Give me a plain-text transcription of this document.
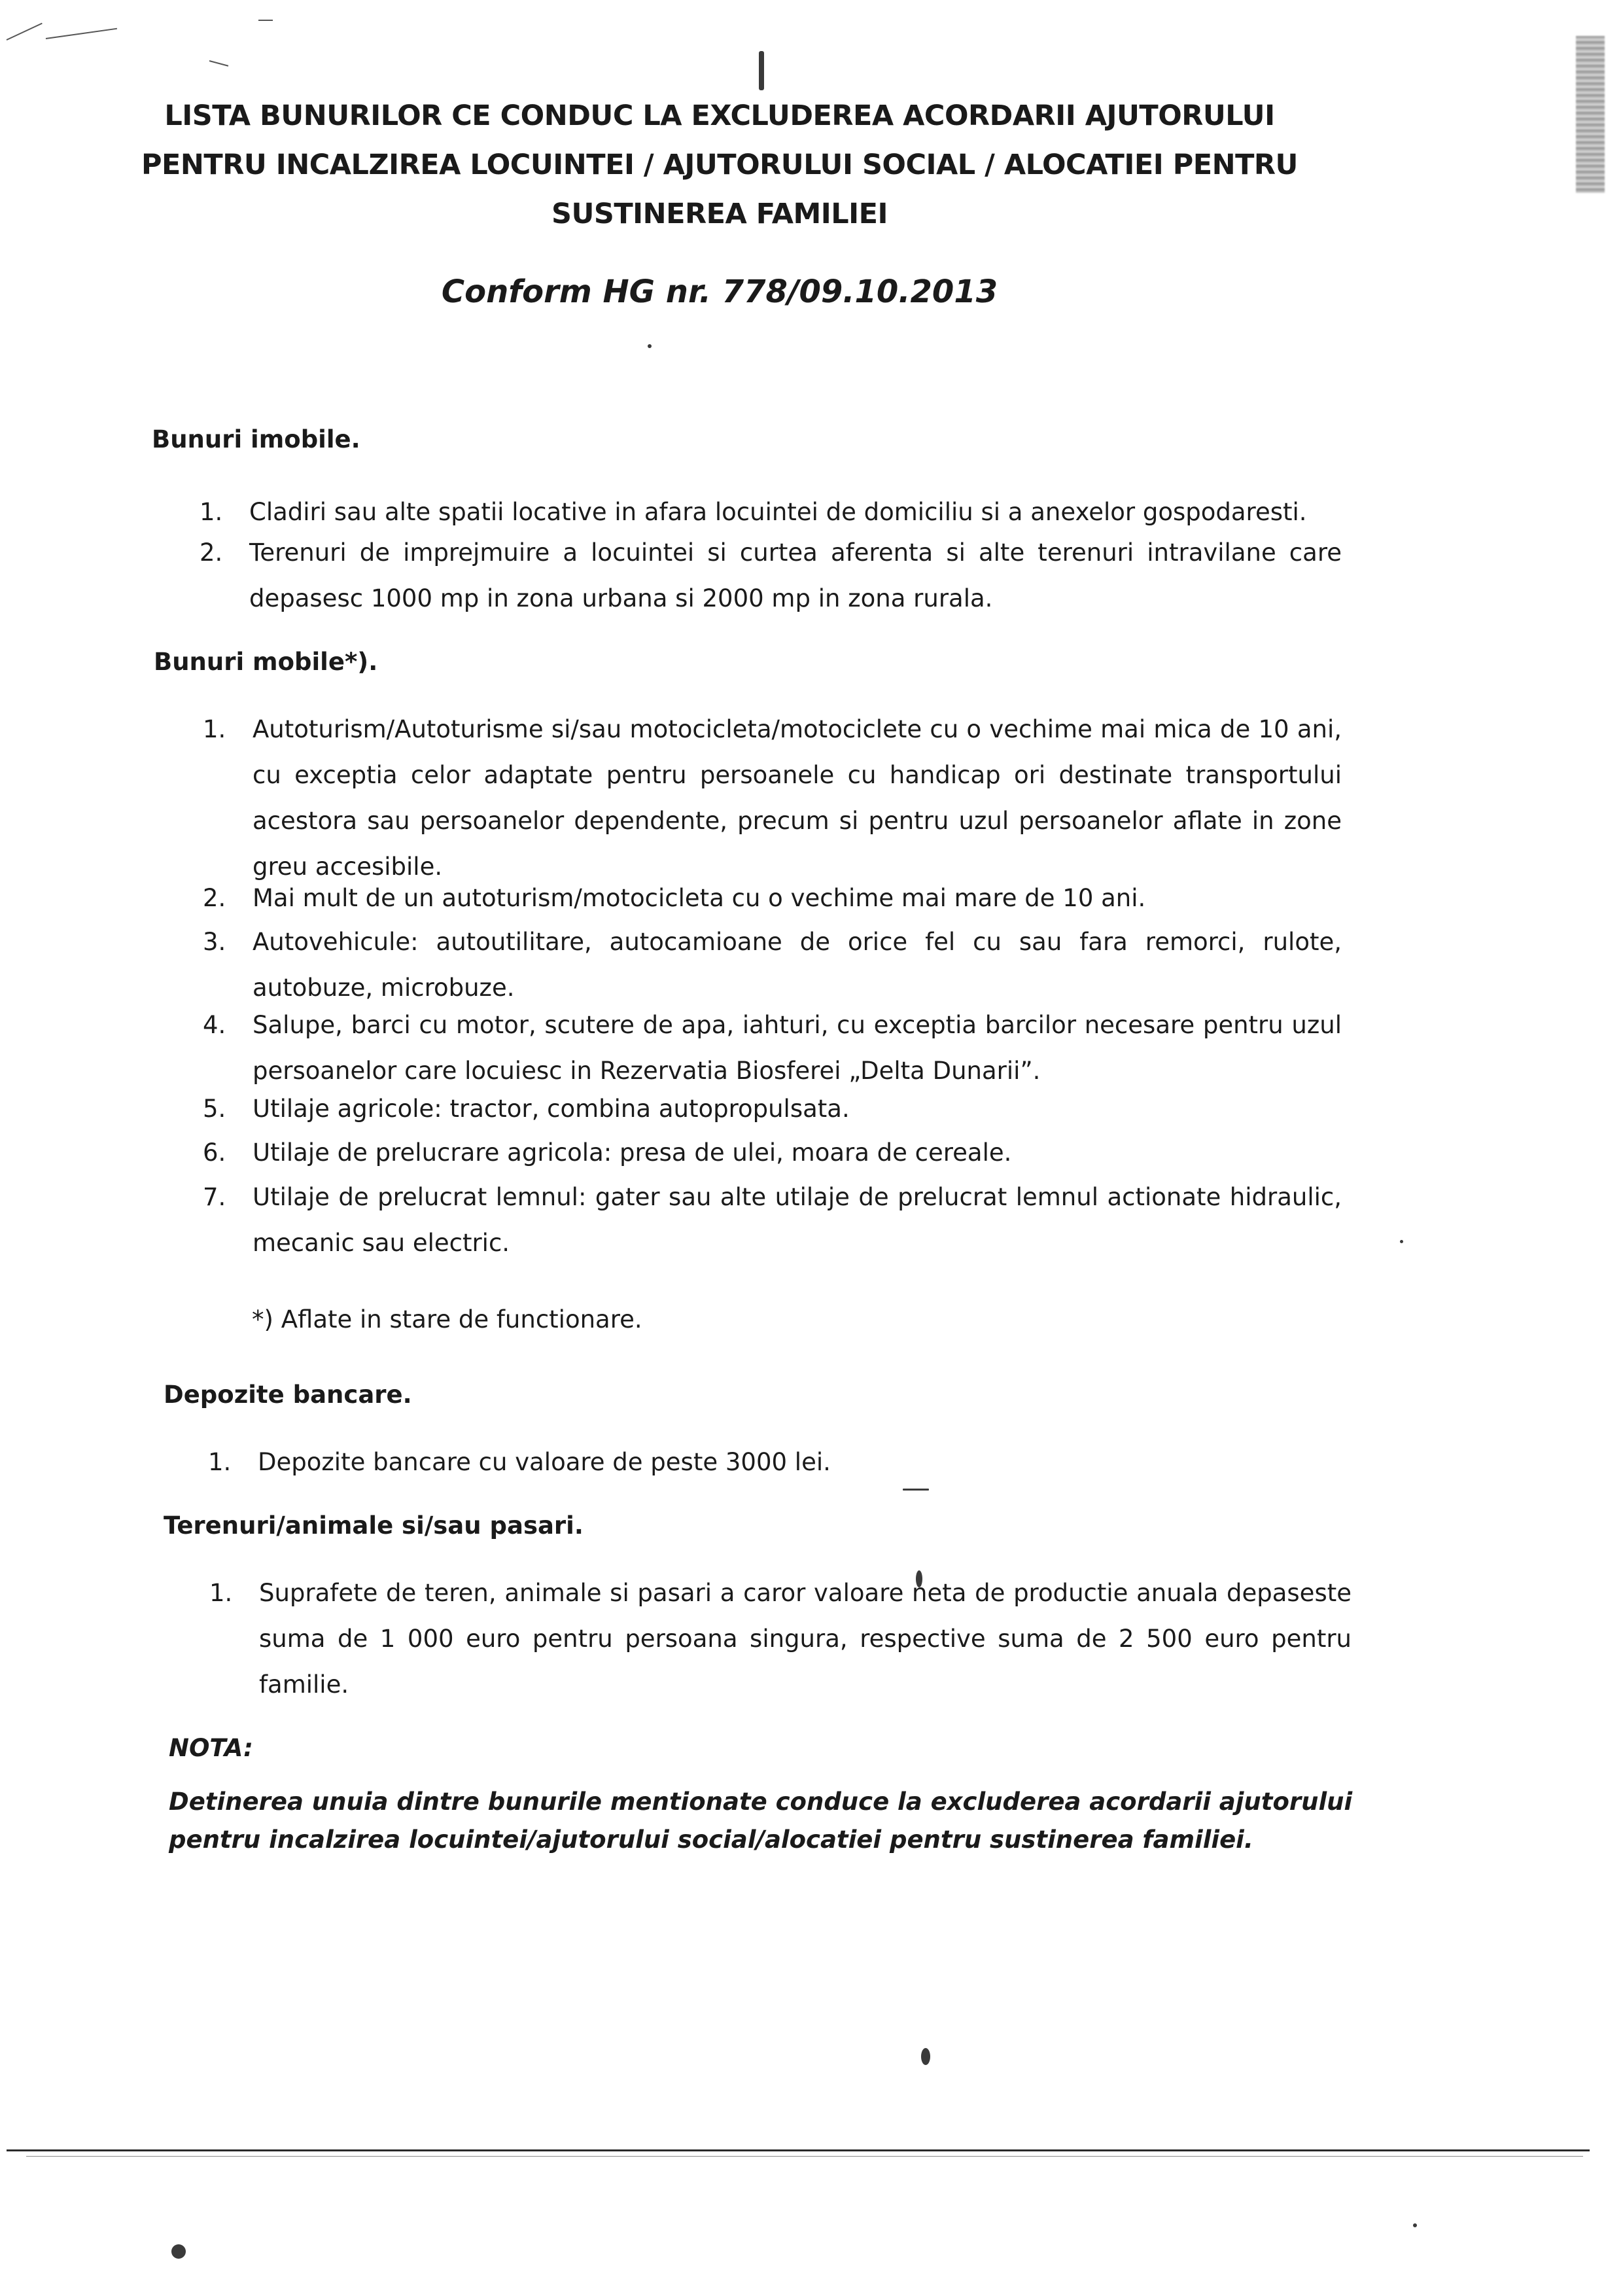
LISTA BUNURILOR CE CONDUC LA EXCLUDEREA ACORDARII AJUTORULUI
PENTRU INCALZIREA LOCUINTEI / AJUTORULUI SOCIAL / ALOCATIEI PENTRU
SUSTINEREA FAMILIEI
Conform HG nr. 778/09.10.2013
Bunuri imobile.
1.	Cladiri sau alte spatii locative in afara locuintei de domiciliu si a anexelor gospodaresti.
2.	Terenuri de imprejmuire a locuintei si curtea aferenta si alte terenuri intravilane care depasesc 1000 mp in zona urbana si 2000 mp in zona rurala.
Bunuri mobile*).
1.	Autoturism/Autoturisme si/sau motocicleta/motociclete cu o vechime mai mica de 10 ani, cu exceptia celor adaptate pentru persoanele cu handicap ori destinate transportului acestora sau persoanelor dependente, precum si pentru uzul persoanelor aflate in zone greu accesibile.
2.	Mai mult de un autoturism/motocicleta cu o vechime mai mare de 10 ani.
3.	Autovehicule: autoutilitare, autocamioane de orice fel cu sau fara remorci, rulote, autobuze, microbuze.
4.	Salupe, barci cu motor, scutere de apa, iahturi, cu exceptia barcilor necesare pentru uzul persoanelor care locuiesc in Rezervatia Biosferei „Delta Dunarii”.
5.	Utilaje agricole: tractor, combina autopropulsata.
6.	Utilaje de prelucrare agricola: presa de ulei, moara de cereale.
7.	Utilaje de prelucrat lemnul: gater sau alte utilaje de prelucrat lemnul actionate hidraulic, mecanic sau electric.
*) Aflate in stare de functionare.
Depozite bancare.
1.	Depozite bancare cu valoare de peste 3000 lei.
Terenuri/animale si/sau pasari.
1.	Suprafete de teren, animale si pasari a caror valoare neta de productie anuala depaseste suma de 1 000 euro pentru persoana singura, respective suma de 2 500 euro pentru familie.
NOTA:
Detinerea unuia dintre bunurile mentionate conduce la excluderea acordarii ajutorului pentru incalzirea locuintei/ajutorului social/alocatiei pentru sustinerea familiei.
